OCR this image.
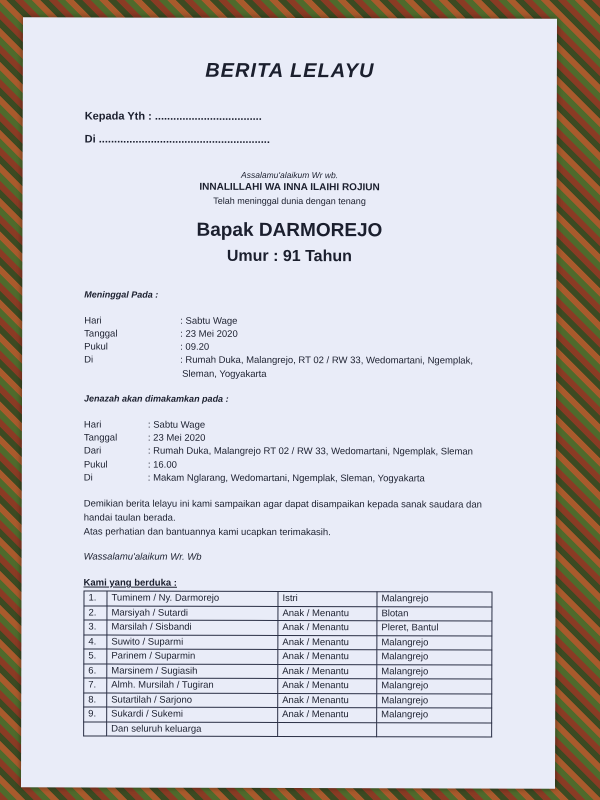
BERITA LELAYU
Kepada Yth : ...................................
Di ........................................................
Assalamu'alaikum Wr wb.
INNALILLAHI WA INNA ILAIHI ROJIUN
Telah meninggal dunia dengan tenang
Bapak DARMOREJO
Umur : 91 Tahun
Meninggal Pada :
Hari	: Sabtu Wage
Tanggal	: 23 Mei 2020
Pukul	: 09.20
Di	: Rumah Duka, Malangrejo, RT 02 / RW 33, Wedomartani, Ngemplak,
Sleman, Yogyakarta
Jenazah akan dimakamkan pada :
Hari	: Sabtu Wage
Tanggal	: 23 Mei 2020
Dari	: Rumah Duka, Malangrejo RT 02 / RW 33, Wedomartani, Ngemplak, Sleman
Pukul	: 16.00
Di	: Makam Nglarang, Wedomartani, Ngemplak, Sleman, Yogyakarta
Demikian berita lelayu ini kami sampaikan agar dapat disampaikan kepada sanak saudara dan handai taulan berada.
Atas perhatian dan bantuannya kami ucapkan terimakasih.
Wassalamu'alaikum Wr. Wb
Kami yang berduka :
1.	Tuminem / Ny. Darmorejo	Istri	Malangrejo
2.	Marsiyah / Sutardi	Anak / Menantu	Blotan
3.	Marsilah / Sisbandi	Anak / Menantu	Pleret, Bantul
4.	Suwito / Suparmi	Anak / Menantu	Malangrejo
5.	Parinem / Suparmin	Anak / Menantu	Malangrejo
6.	Marsinem / Sugiasih	Anak / Menantu	Malangrejo
7.	Almh. Mursilah / Tugiran	Anak / Menantu	Malangrejo
8.	Sutartilah / Sarjono	Anak / Menantu	Malangrejo
9.	Sukardi / Sukemi	Anak / Menantu	Malangrejo
	Dan seluruh keluarga		
